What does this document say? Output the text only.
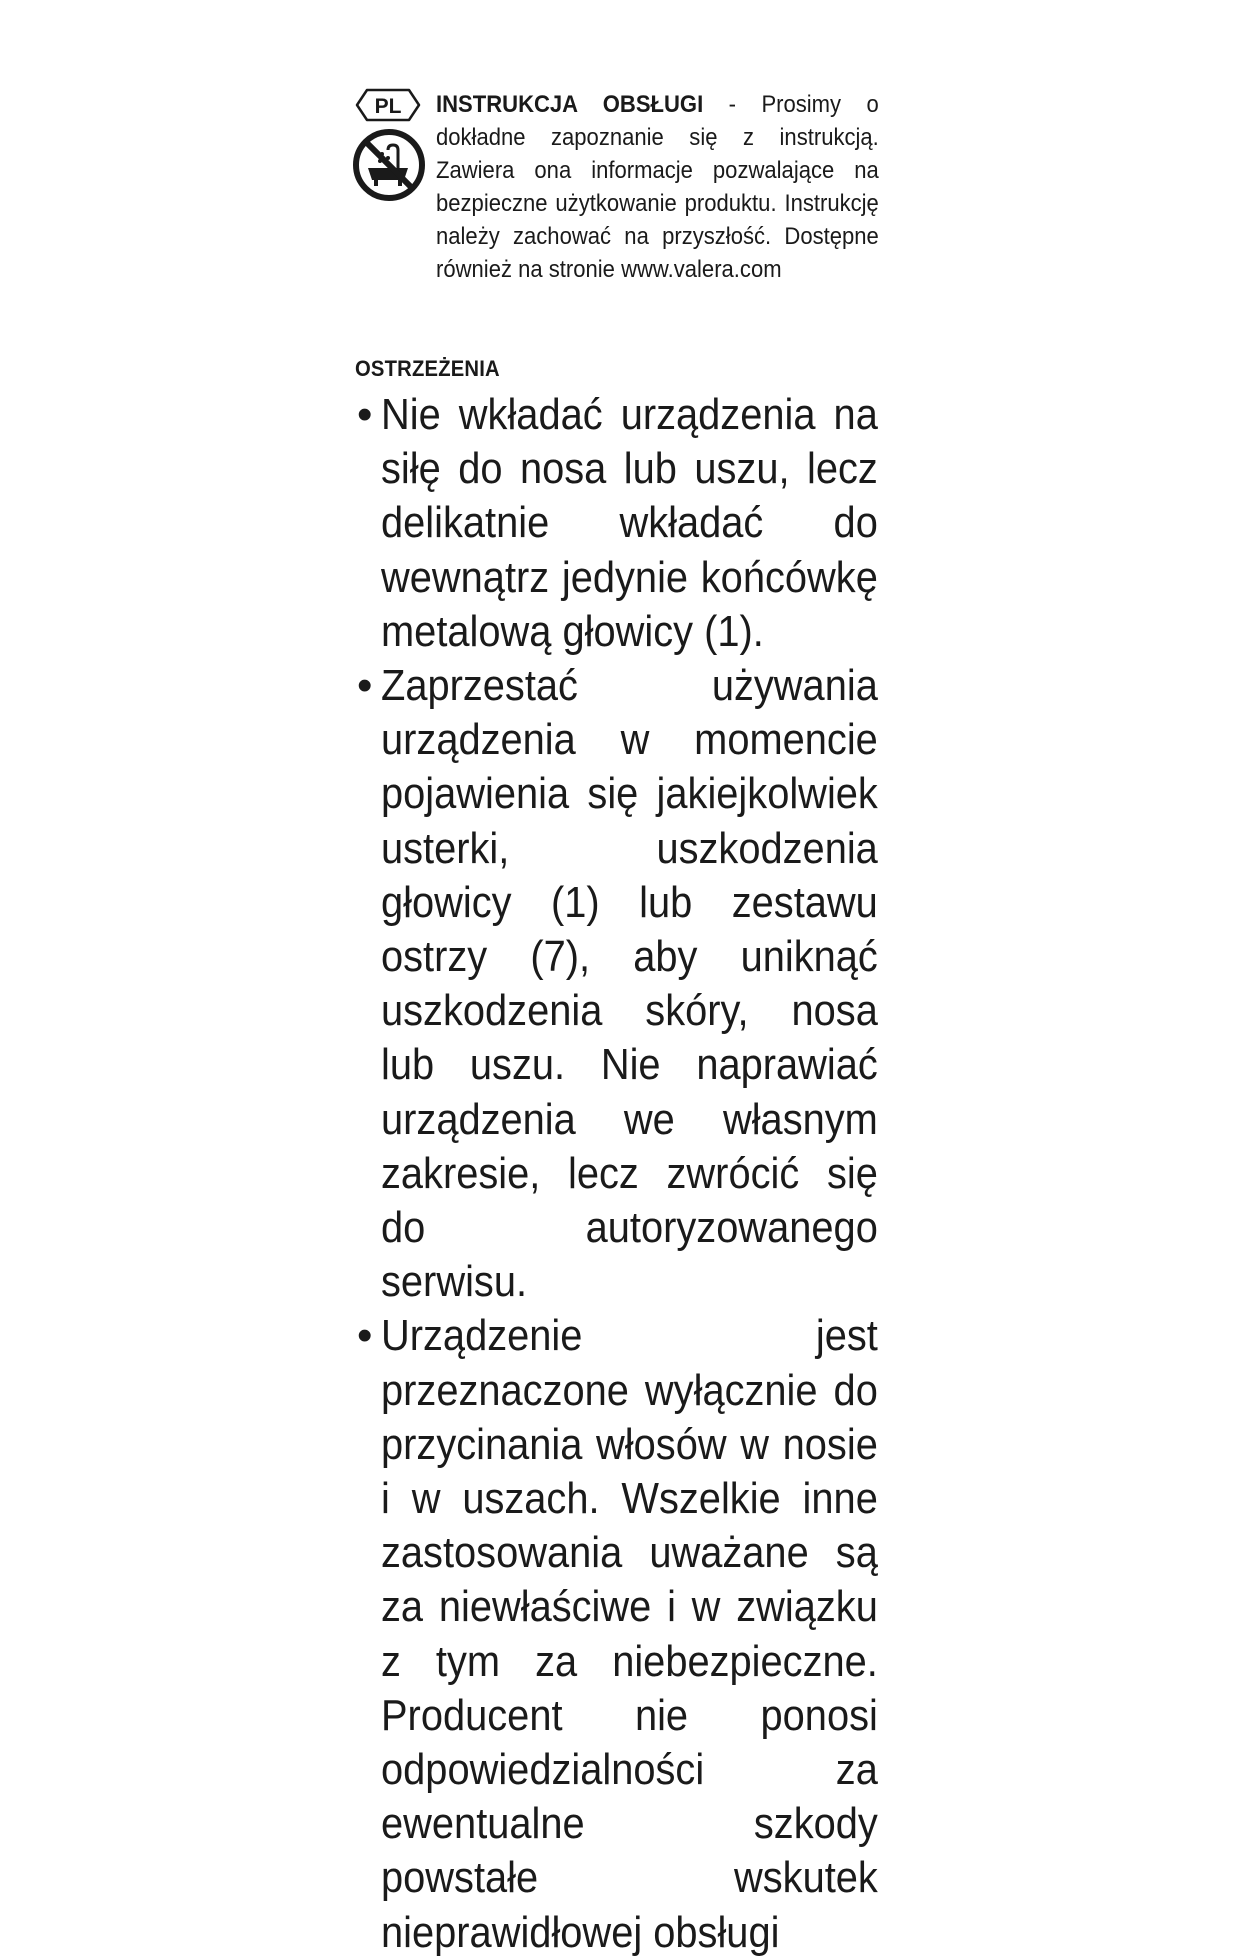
PL INSTRUKCJA OBSŁUGI - Prosimy o dokładne zapoznanie się z instrukcją. Zawiera ona informacje pozwalające na bezpieczne użytkowanie produktu. Instrukcję należy zachować na przyszłość. Dostępne również na stronie www.valera.com

OSTRZEŻENIA
• Nie wkładać urządzenia na siłę do nosa lub uszu, lecz delikatnie wkładać do wewnątrz jedynie końcówkę metalową głowicy (1).
• Zaprzestać używania urządzenia w momencie pojawienia się jakiejkolwiek usterki, uszkodzenia głowicy (1) lub zestawu ostrzy (7), aby uniknąć uszkodzenia skóry, nosa lub uszu. Nie naprawiać urządzenia we własnym zakresie, lecz zwrócić się do autoryzowanego serwisu.
• Urządzenie jest przeznaczone wyłącznie do przycinania włosów w nosie i w uszach. Wszelkie inne zastosowania uważane są za niewłaściwe i w związku z tym za niebezpieczne. Producent nie ponosi odpowiedzialności za ewentualne szkody powstałe wskutek nieprawidłowej obsługi
